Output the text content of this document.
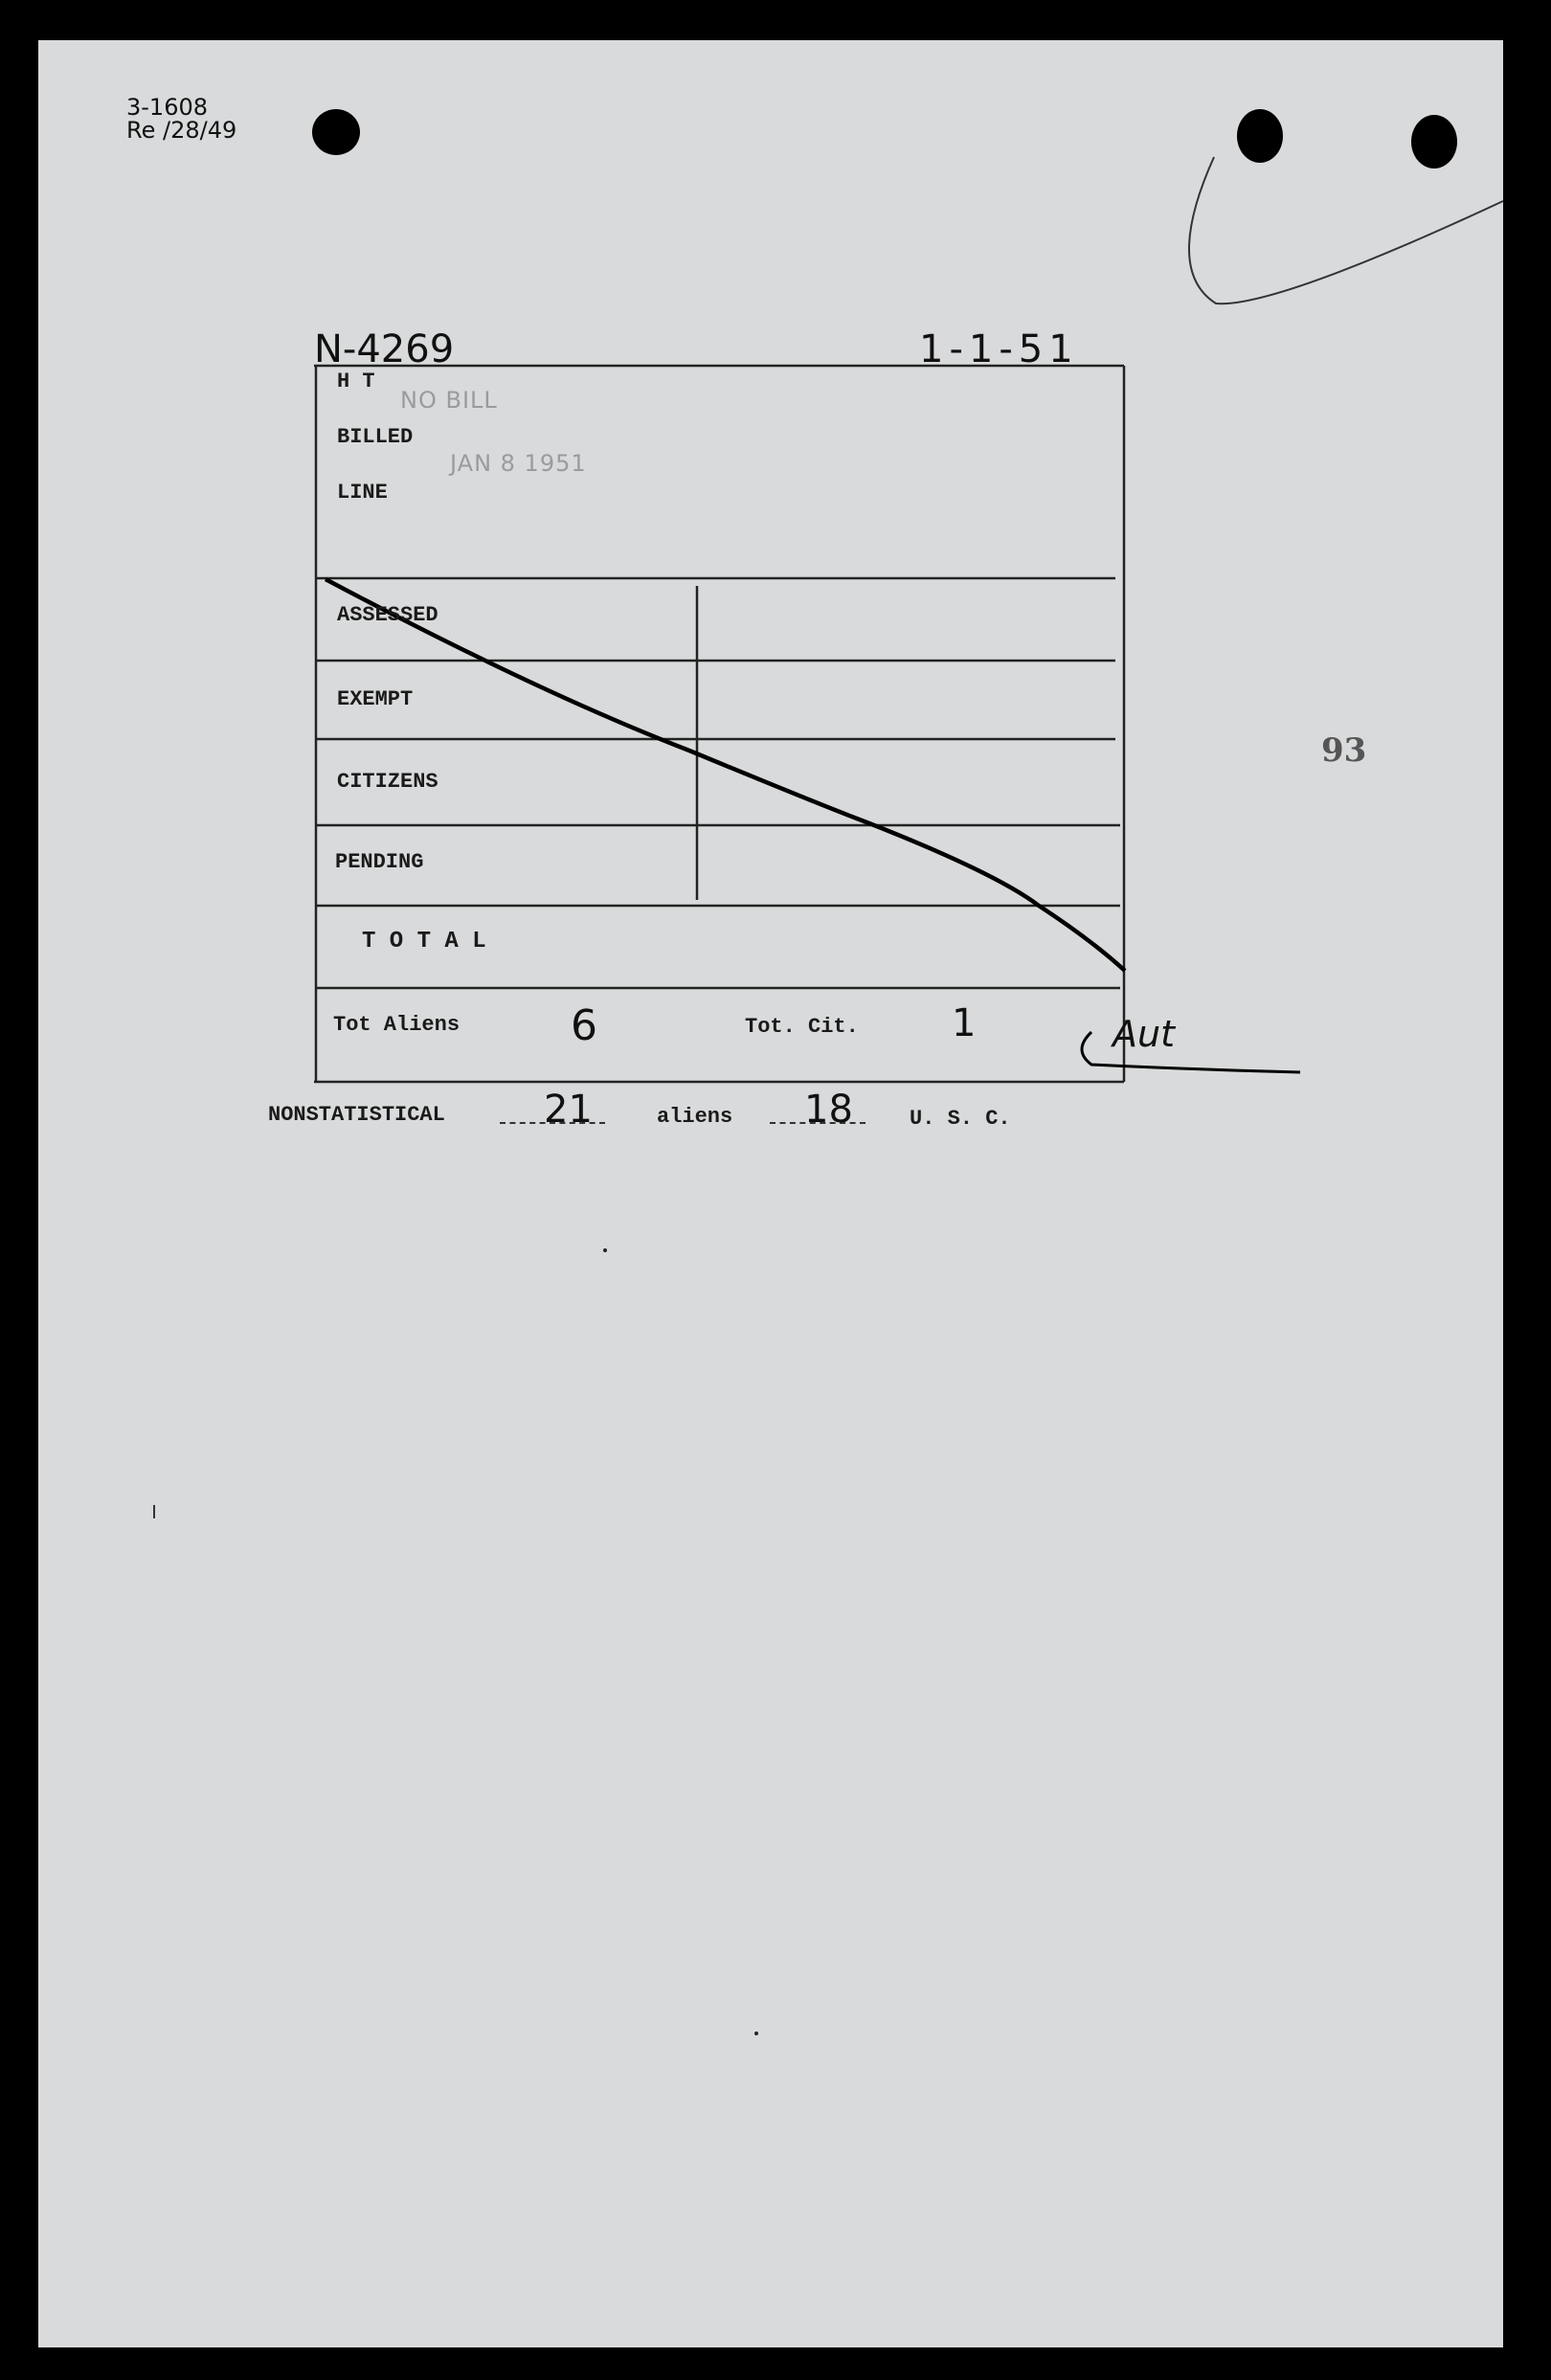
3-1608
Re /28/49
N-4269	1-1-51
H T
BILLED
LINE
NO BILL
JAN 8 1951
ASSESSED
EXEMPT
CITIZENS
PENDING
T O T A L
Tot Aliens	6	Tot. Cit. 1	Aut
NONSTATISTICAL	21	aliens 18	U. S. C.
93
